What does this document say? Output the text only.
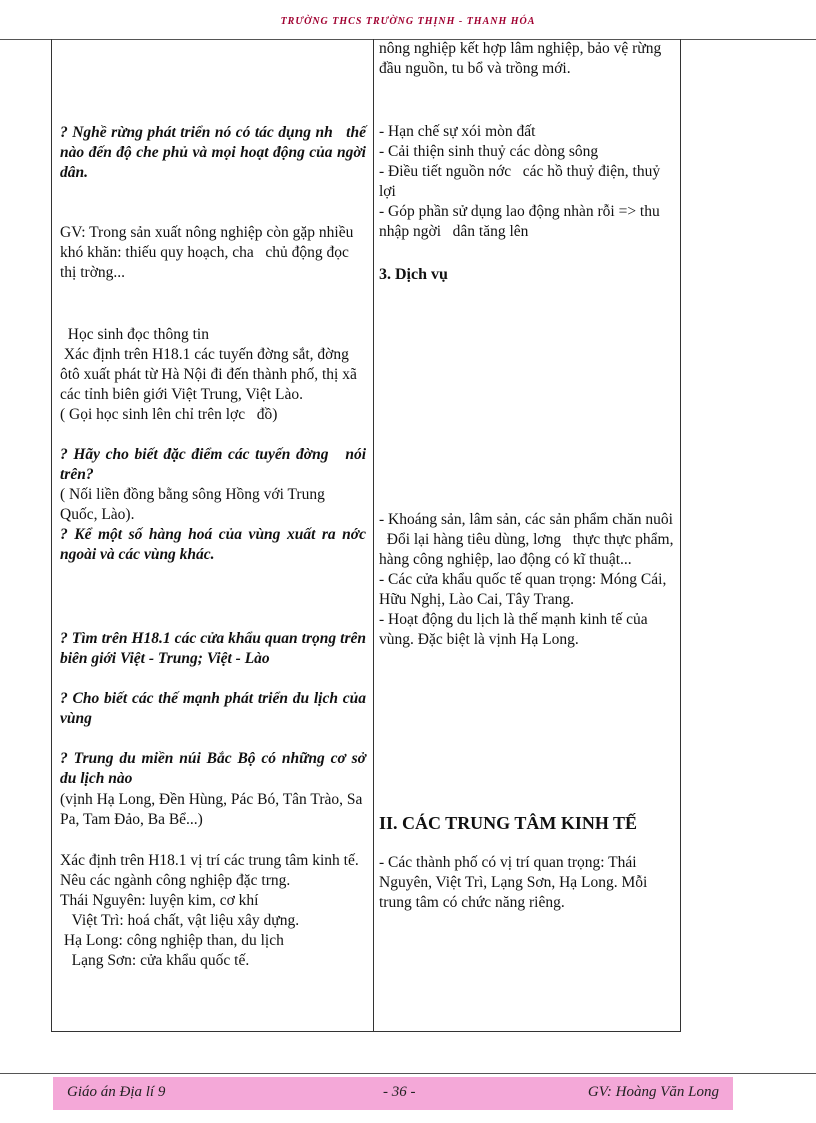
TRƯỜNG THCS TRƯỜNG THỊNH - THANH HÓA
? Nghề rừng phát triển nó có tác dụng nh   thế nào đến độ che phủ và mọi hoạt động của ngời   dân.
GV: Trong sản xuất nông nghiệp còn gặp nhiều khó khăn: thiếu quy hoạch, cha   chủ động đọc   thị trờng...
Học sinh đọc thông tin
Xác định trên H18.1 các tuyến đờng sắt, đờng   ôtô xuất phát từ Hà Nội đi đến thành phố, thị xã các tỉnh biên giới Việt Trung, Việt Lào.
( Gọi học sinh lên chỉ trên lợc   đồ)
? Hãy cho biết đặc điểm các tuyến đờng   nói trên?
( Nối liền đồng bằng sông Hồng với Trung Quốc, Lào).
? Kể một số hàng hoá của vùng xuất ra nớc   ngoài và các vùng khác.
? Tìm trên H18.1 các cửa khẩu quan trọng trên biên giới Việt - Trung; Việt - Lào
? Cho biết các thế mạnh phát triển du lịch của vùng
? Trung du miền núi Bắc Bộ có những cơ sở du lịch nào
(vịnh Hạ Long, Đền Hùng, Pác Bó, Tân Trào, Sa Pa, Tam Đảo, Ba Bể...)
Xác định trên H18.1 vị trí các trung tâm kinh tế. Nêu các ngành công nghiệp đặc trng.
Thái Nguyên: luyện kim, cơ khí
Việt Trì: hoá chất, vật liệu xây dựng.
Hạ Long: công nghiệp than, du lịch
Lạng Sơn: cửa khẩu quốc tế.
nông nghiệp kết hợp lâm nghiệp, bảo vệ rừng đầu nguồn, tu bổ và trồng mới.
- Hạn chế sự xói mòn đất
- Cải thiện sinh thuỷ các dòng sông
- Điều tiết nguồn nớc   các hồ thuỷ điện, thuỷ lợi
- Góp phần sử dụng lao động nhàn rỗi => thu nhập ngời   dân tăng lên
3. Dịch vụ
- Khoáng sản, lâm sản, các sản phẩm chăn nuôi
Đổi lại hàng tiêu dùng, lơng   thực thực phẩm, hàng công nghiệp, lao động có kĩ thuật...
- Các cửa khẩu quốc tế quan trọng: Móng Cái, Hữu Nghị, Lào Cai, Tây Trang.
- Hoạt động du lịch là thế mạnh kinh tế của vùng. Đặc biệt là vịnh Hạ Long.
II. CÁC TRUNG TÂM KINH TẾ
- Các thành phố có vị trí quan trọng: Thái Nguyên, Việt Trì, Lạng Sơn, Hạ Long. Mỗi trung tâm có chức năng riêng.
Giáo án Địa lí 9	- 36 -	GV: Hoàng Văn Long
